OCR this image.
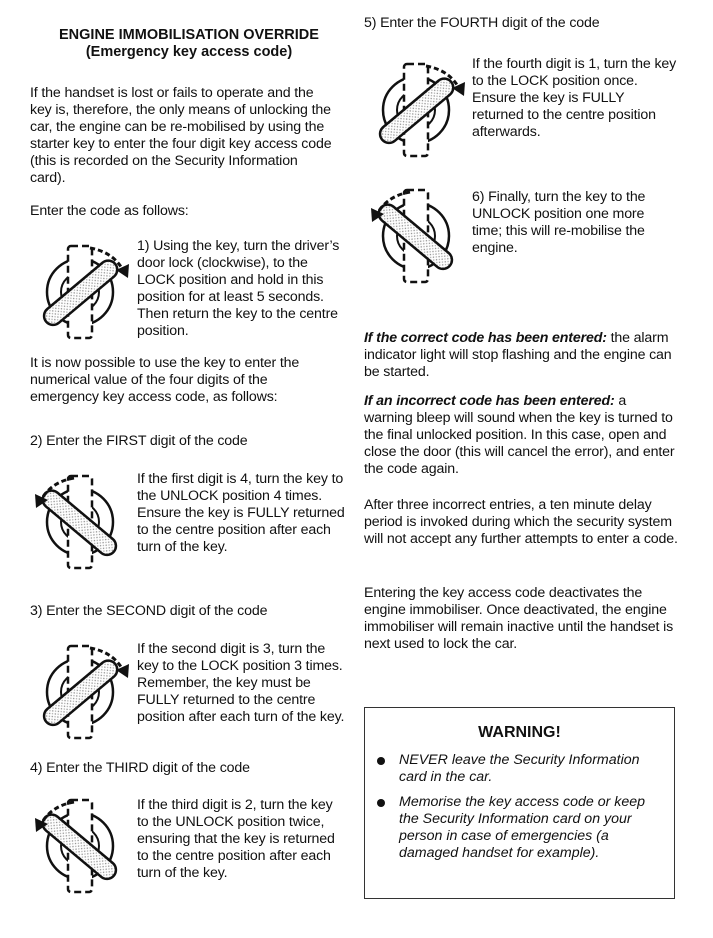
ENGINE IMMOBILISATION OVERRIDE
(Emergency key access code)

If the handset is lost or fails to operate and the key is, therefore, the only means of unlocking the car, the engine can be re-mobilised by using the starter key to enter the four digit key access code (this is recorded on the Security Information card).

Enter the code as follows:

1) Using the key, turn the driver’s door lock (clockwise), to the LOCK position and hold in this position for at least 5 seconds. Then return the key to the centre position.

It is now possible to use the key to enter the numerical value of the four digits of the emergency key access code, as follows:

2) Enter the FIRST digit of the code

If the first digit is 4, turn the key to the UNLOCK position 4 times. Ensure the key is FULLY returned to the centre position after each turn of the key.

3) Enter the SECOND digit of the code

If the second digit is 3, turn the key to the LOCK position 3 times. Remember, the key must be FULLY returned to the centre position after each turn of the key.

4) Enter the THIRD digit of the code

If the third digit is 2, turn the key to the UNLOCK position twice, ensuring that the key is returned to the centre position after each turn of the key.

5) Enter the FOURTH digit of the code

If the fourth digit is 1, turn the key to the LOCK position once. Ensure the key is FULLY returned to the centre position afterwards.
6) Finally, turn the key to the UNLOCK position one more time; this will re-mobilise the engine.

If the correct code has been entered: the alarm indicator light will stop flashing and the engine can be started.

If an incorrect code has been entered: a warning bleep will sound when the key is turned to the final unlocked position. In this case, open and close the door (this will cancel the error), and enter the code again.

After three incorrect entries, a ten minute delay period is invoked during which the security system will not accept any further attempts to enter a code.

Entering the key access code deactivates the engine immobiliser. Once deactivated, the engine immobiliser will remain inactive until the handset is next used to lock the car.

WARNING!
NEVER leave the Security Information card in the car.
Memorise the key access code or keep the Security Information card on your person in case of emergencies (a damaged handset for example).
